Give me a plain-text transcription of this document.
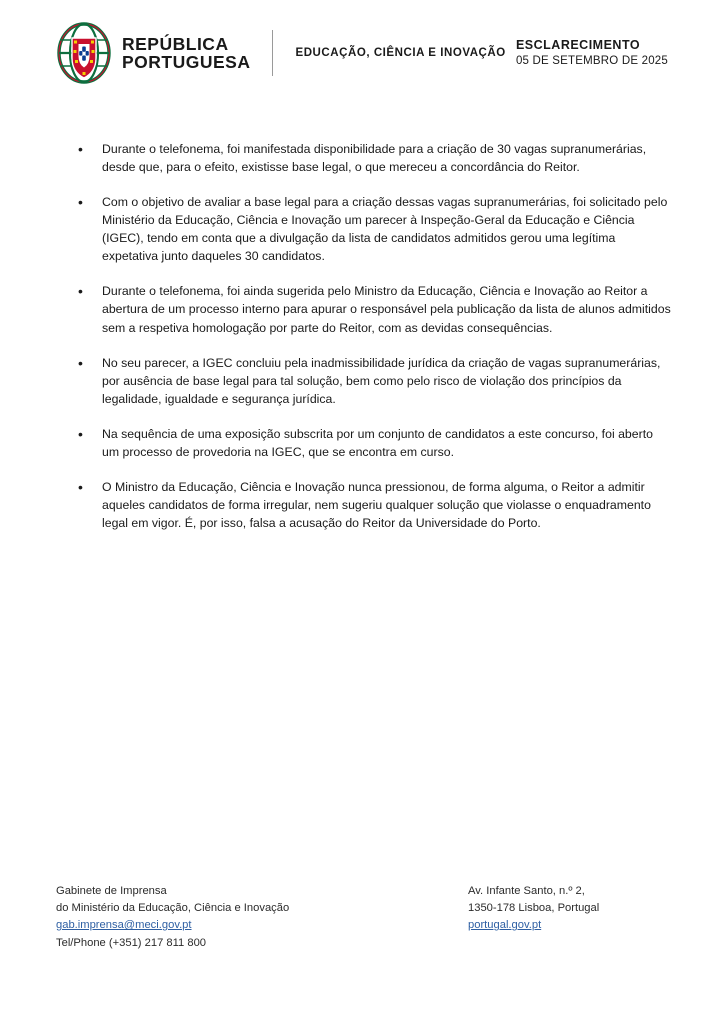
REPÚBLICA
PORTUGUESA	EDUCAÇÃO, CIÊNCIA E INOVAÇÃO
ESCLARECIMENTO
05 DE SETEMBRO DE 2025
• Durante o telefonema, foi manifestada disponibilidade para a criação de 30 vagas supranumerárias, desde que, para o efeito, existisse base legal, o que mereceu a concordância do Reitor.
• Com o objetivo de avaliar a base legal para a criação dessas vagas supranumerárias, foi solicitado pelo Ministério da Educação, Ciência e Inovação um parecer à Inspeção-Geral da Educação e Ciência (IGEC), tendo em conta que a divulgação da lista de candidatos admitidos gerou uma legítima expetativa junto daqueles 30 candidatos.
• Durante o telefonema, foi ainda sugerida pelo Ministro da Educação, Ciência e Inovação ao Reitor a abertura de um processo interno para apurar o responsável pela publicação da lista de alunos admitidos sem a respetiva homologação por parte do Reitor, com as devidas consequências.
• No seu parecer, a IGEC concluiu pela inadmissibilidade jurídica da criação de vagas supranumerárias, por ausência de base legal para tal solução, bem como pelo risco de violação dos princípios da legalidade, igualdade e segurança jurídica.
• Na sequência de uma exposição subscrita por um conjunto de candidatos a este concurso, foi aberto um processo de provedoria na IGEC, que se encontra em curso.
• O Ministro da Educação, Ciência e Inovação nunca pressionou, de forma alguma, o Reitor a admitir aqueles candidatos de forma irregular, nem sugeriu qualquer solução que violasse o enquadramento legal em vigor. É, por isso, falsa a acusação do Reitor da Universidade do Porto.
Gabinete de Imprensa
do Ministério da Educação, Ciência e Inovação
gab.imprensa@meci.gov.pt
Tel/Phone (+351) 217 811 800
Av. Infante Santo, n.º 2,
1350-178 Lisboa, Portugal
portugal.gov.pt
